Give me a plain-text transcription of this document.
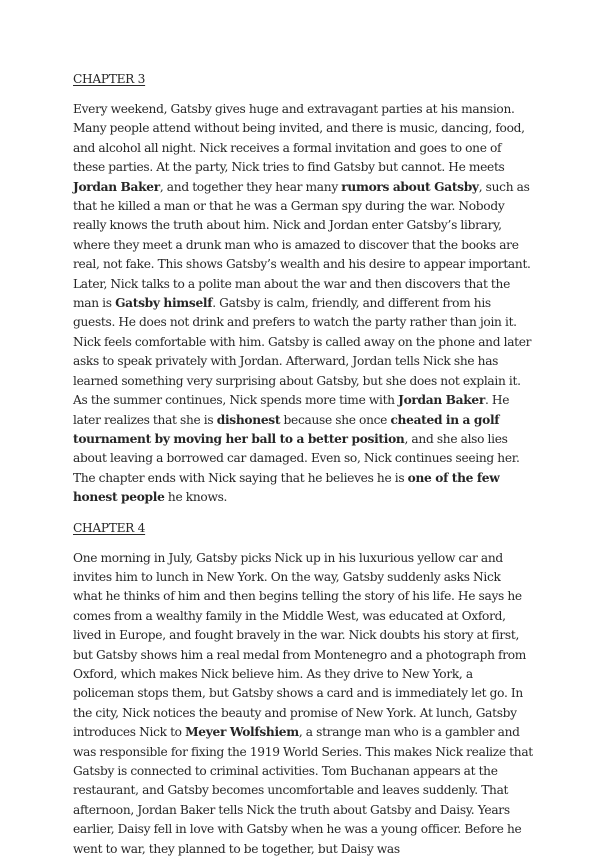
CHAPTER 3

Every weekend, Gatsby gives huge and extravagant parties at his mansion. Many people attend without being invited, and there is music, dancing, food, and alcohol all night. Nick receives a formal invitation and goes to one of these parties. At the party, Nick tries to find Gatsby but cannot. He meets Jordan Baker, and together they hear many rumors about Gatsby, such as that he killed a man or that he was a German spy during the war. Nobody really knows the truth about him. Nick and Jordan enter Gatsby’s library, where they meet a drunk man who is amazed to discover that the books are real, not fake. This shows Gatsby’s wealth and his desire to appear important. Later, Nick talks to a polite man about the war and then discovers that the man is Gatsby himself. Gatsby is calm, friendly, and different from his guests. He does not drink and prefers to watch the party rather than join it. Nick feels comfortable with him. Gatsby is called away on the phone and later asks to speak privately with Jordan. Afterward, Jordan tells Nick she has learned something very surprising about Gatsby, but she does not explain it. As the summer continues, Nick spends more time with Jordan Baker. He later realizes that she is dishonest because she once cheated in a golf tournament by moving her ball to a better position, and she also lies about leaving a borrowed car damaged. Even so, Nick continues seeing her. The chapter ends with Nick saying that he believes he is one of the few honest people he knows.

CHAPTER 4

One morning in July, Gatsby picks Nick up in his luxurious yellow car and invites him to lunch in New York. On the way, Gatsby suddenly asks Nick what he thinks of him and then begins telling the story of his life. He says he comes from a wealthy family in the Middle West, was educated at Oxford, lived in Europe, and fought bravely in the war. Nick doubts his story at first, but Gatsby shows him a real medal from Montenegro and a photograph from Oxford, which makes Nick believe him. As they drive to New York, a policeman stops them, but Gatsby shows a card and is immediately let go. In the city, Nick notices the beauty and promise of New York. At lunch, Gatsby introduces Nick to Meyer Wolfshiem, a strange man who is a gambler and was responsible for fixing the 1919 World Series. This makes Nick realize that Gatsby is connected to criminal activities. Tom Buchanan appears at the restaurant, and Gatsby becomes uncomfortable and leaves suddenly. That afternoon, Jordan Baker tells Nick the truth about Gatsby and Daisy. Years earlier, Daisy fell in love with Gatsby when he was a young officer. Before he went to war, they planned to be together, but Daisy was
